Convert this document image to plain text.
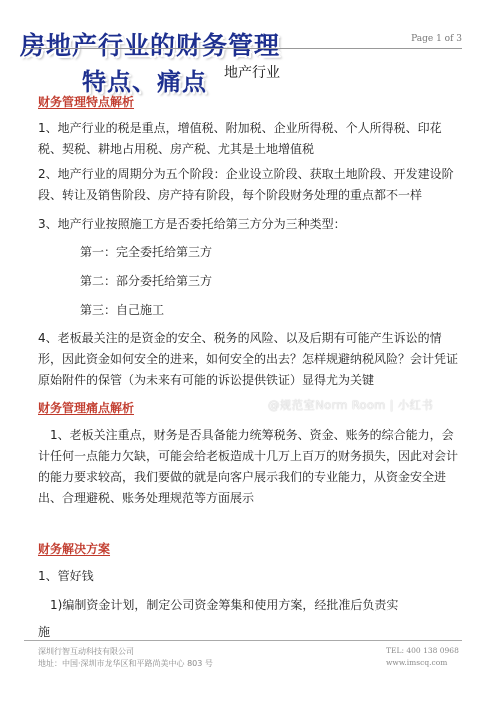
房地产行业的财务管理	Page 1 of 3
特点、痛点 地产行业
财务管理特点解析

1、地产行业的税是重点，增值税、附加税、企业所得税、个人所得税、印花税、契税、耕地占用税、房产税、尤其是土地增值税

2、地产行业的周期分为五个阶段：企业设立阶段、获取土地阶段、开发建设阶段、转让及销售阶段、房产持有阶段，每个阶段财务处理的重点都不一样

3、地产行业按照施工方是否委托给第三方分为三种类型：

第一：完全委托给第三方
第二：部分委托给第三方
第三：自己施工

4、老板最关注的是资金的安全、税务的风险、以及后期有可能产生诉讼的情形，因此资金如何安全的进来，如何安全的出去？怎样规避纳税风险？会计凭证原始附件的保管（为未来有可能的诉讼提供铁证）显得尤为关键

财务管理痛点解析	@规范室Norm Room | 小红书

1、老板关注重点，财务是否具备能力统筹税务、资金、账务的综合能力，会计任何一点能力欠缺，可能会给老板造成十几万上百万的财务损失，因此对会计的能力要求较高，我们要做的就是向客户展示我们的专业能力，从资金安全进出、合理避税、账务处理规范等方面展示

财务解决方案
1、管好钱
1)编制资金计划，制定公司资金筹集和使用方案，经批准后负责实
施
深圳行智互动科技有限公司
地址：中国·深圳市龙华区和平路尚美中心 803 号
TEL: 400 138 0968
www.imscq.com
